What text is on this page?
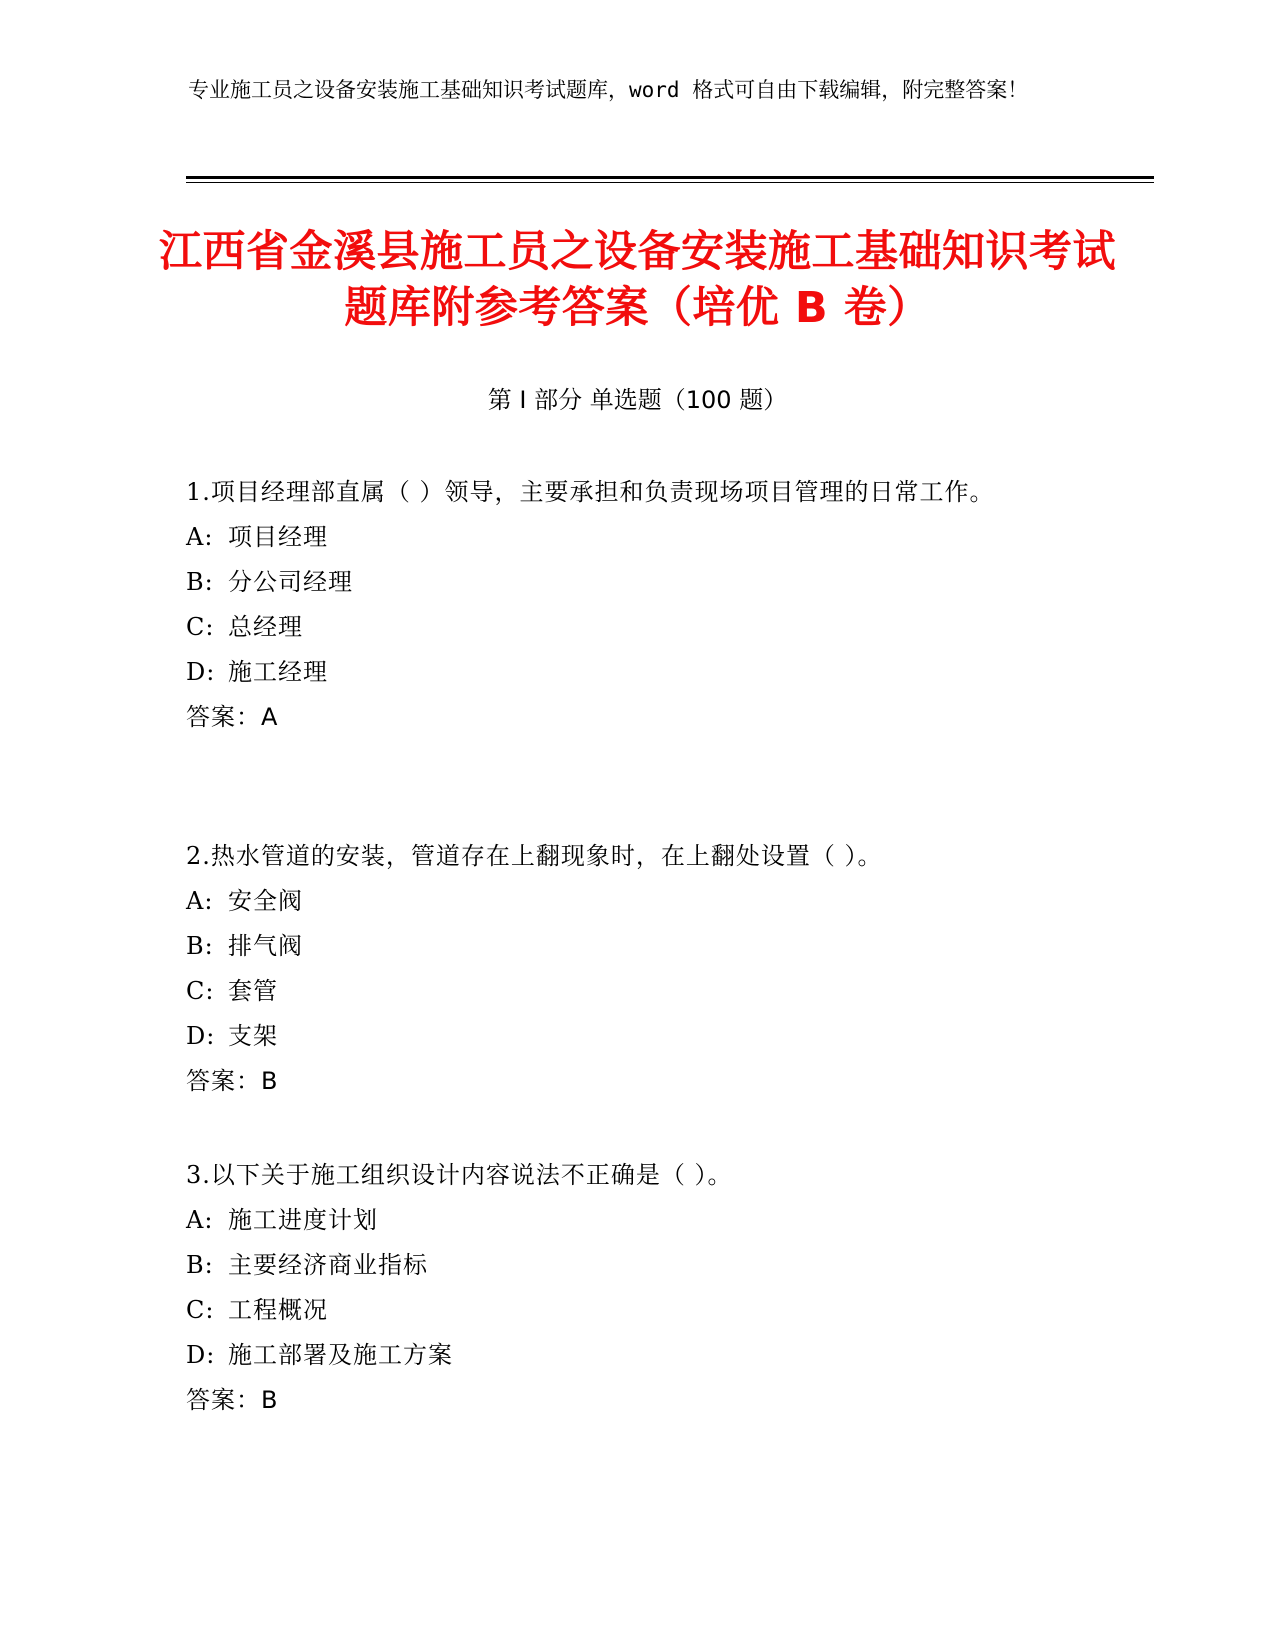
专业施工员之设备安装施工基础知识考试题库，word 格式可自由下载编辑，附完整答案！
江西省金溪县施工员之设备安装施工基础知识考试题库附参考答案（培优 B 卷）
第 I 部分 单选题（100 题）
1.项目经理部直属（ ）领导，主要承担和负责现场项目管理的日常工作。
A: 项目经理
B: 分公司经理
C: 总经理
D: 施工经理
答案：A
2.热水管道的安装，管道存在上翻现象时，在上翻处设置（ ）。
A: 安全阀
B: 排气阀
C: 套管
D: 支架
答案：B
3.以下关于施工组织设计内容说法不正确是（ ）。
A: 施工进度计划
B: 主要经济商业指标
C: 工程概况
D: 施工部署及施工方案
答案：B
